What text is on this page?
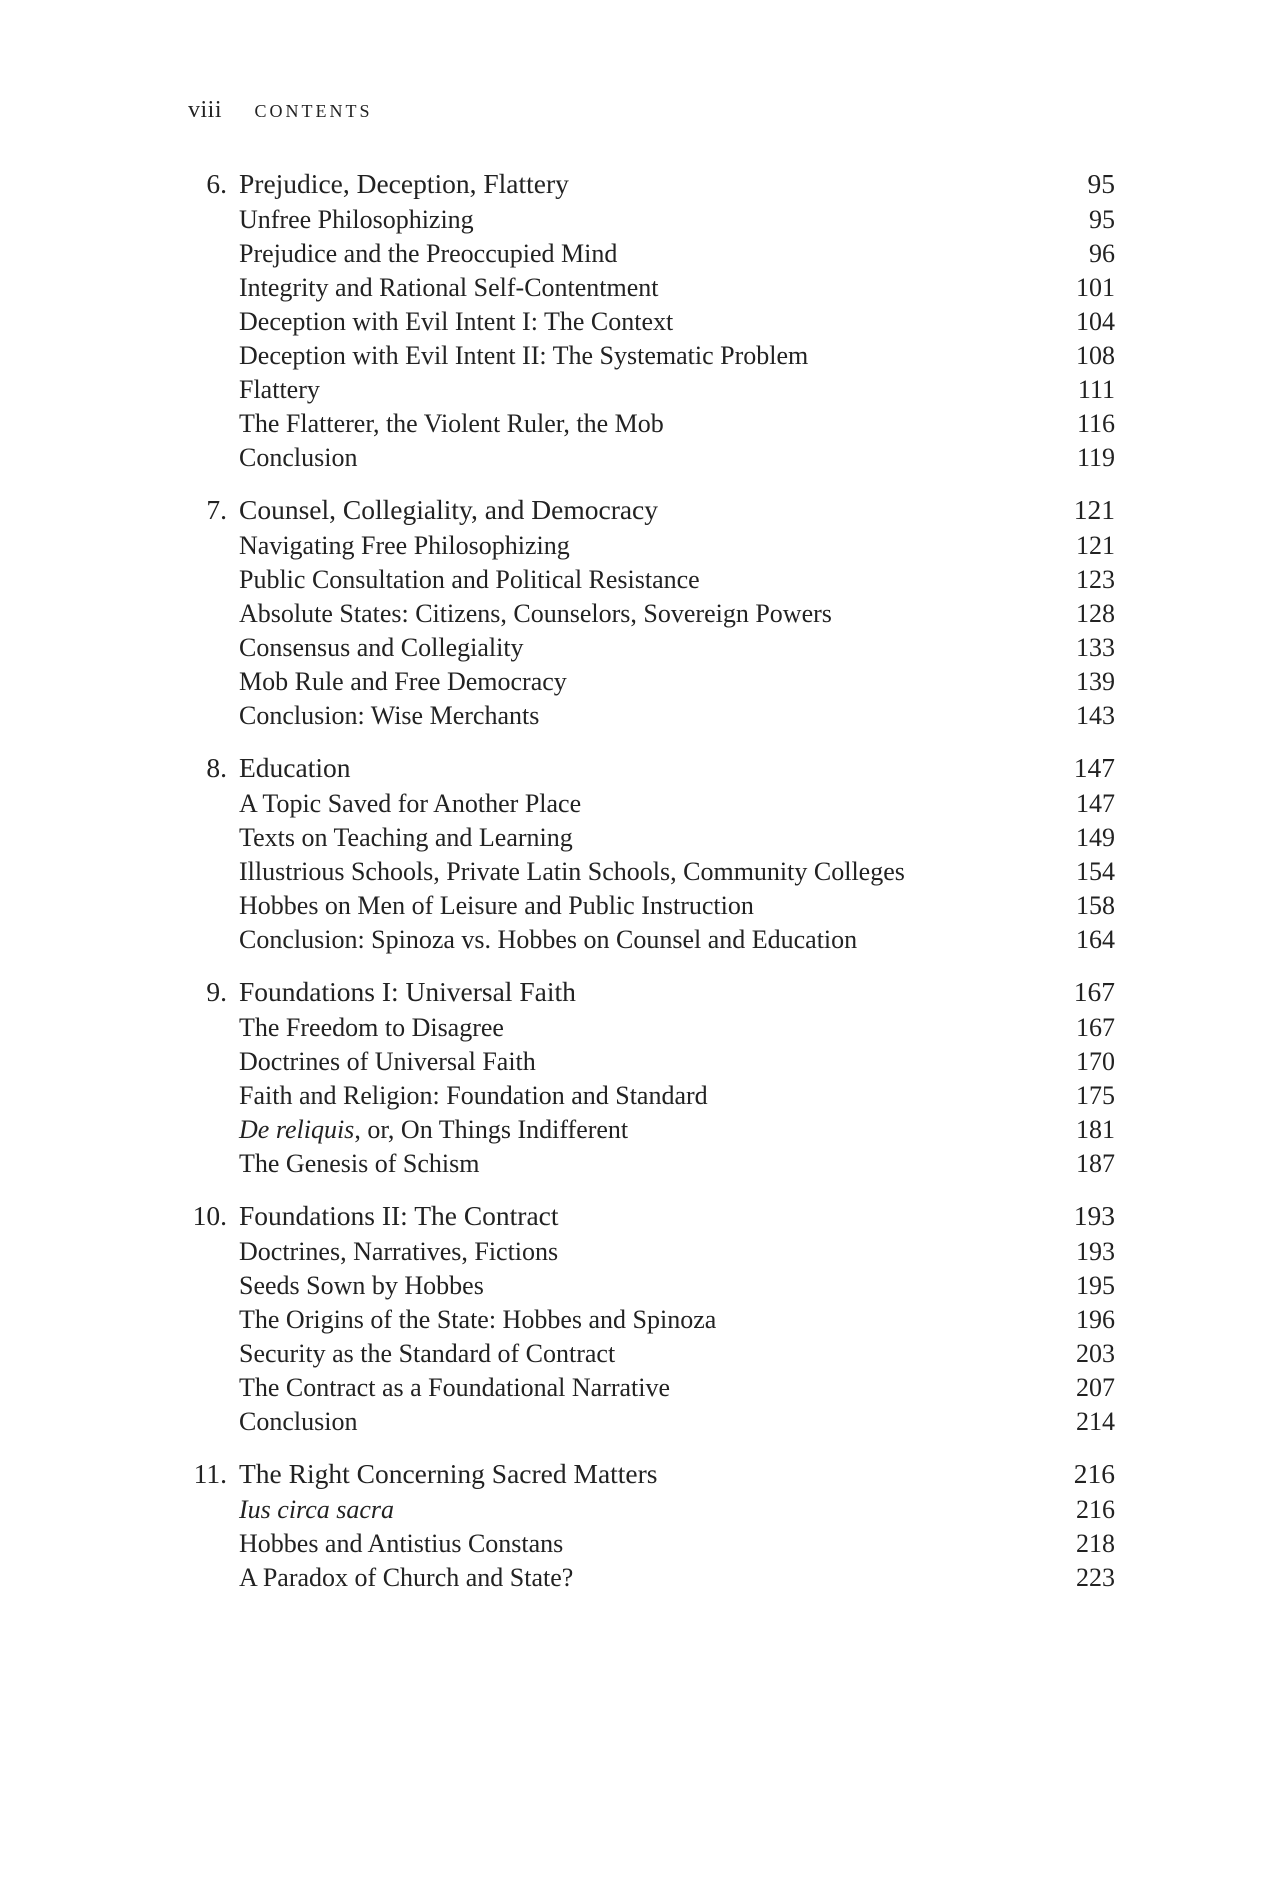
viii CONTENTS
6. Prejudice, Deception, Flattery	95
Unfree Philosophizing	95
Prejudice and the Preoccupied Mind	96
Integrity and Rational Self-Contentment	101
Deception with Evil Intent I: The Context	104
Deception with Evil Intent II: The Systematic Problem	108
Flattery	111
The Flatterer, the Violent Ruler, the Mob	116
Conclusion	119
7. Counsel, Collegiality, and Democracy	121
Navigating Free Philosophizing	121
Public Consultation and Political Resistance	123
Absolute States: Citizens, Counselors, Sovereign Powers	128
Consensus and Collegiality	133
Mob Rule and Free Democracy	139
Conclusion: Wise Merchants	143
8. Education	147
A Topic Saved for Another Place	147
Texts on Teaching and Learning	149
Illustrious Schools, Private Latin Schools, Community Colleges	154
Hobbes on Men of Leisure and Public Instruction	158
Conclusion: Spinoza vs. Hobbes on Counsel and Education	164
9. Foundations I: Universal Faith	167
The Freedom to Disagree	167
Doctrines of Universal Faith	170
Faith and Religion: Foundation and Standard	175
De reliquis, or, On Things Indifferent	181
The Genesis of Schism	187
10. Foundations II: The Contract	193
Doctrines, Narratives, Fictions	193
Seeds Sown by Hobbes	195
The Origins of the State: Hobbes and Spinoza	196
Security as the Standard of Contract	203
The Contract as a Foundational Narrative	207
Conclusion	214
11. The Right Concerning Sacred Matters	216
Ius circa sacra	216
Hobbes and Antistius Constans	218
A Paradox of Church and State?	223
